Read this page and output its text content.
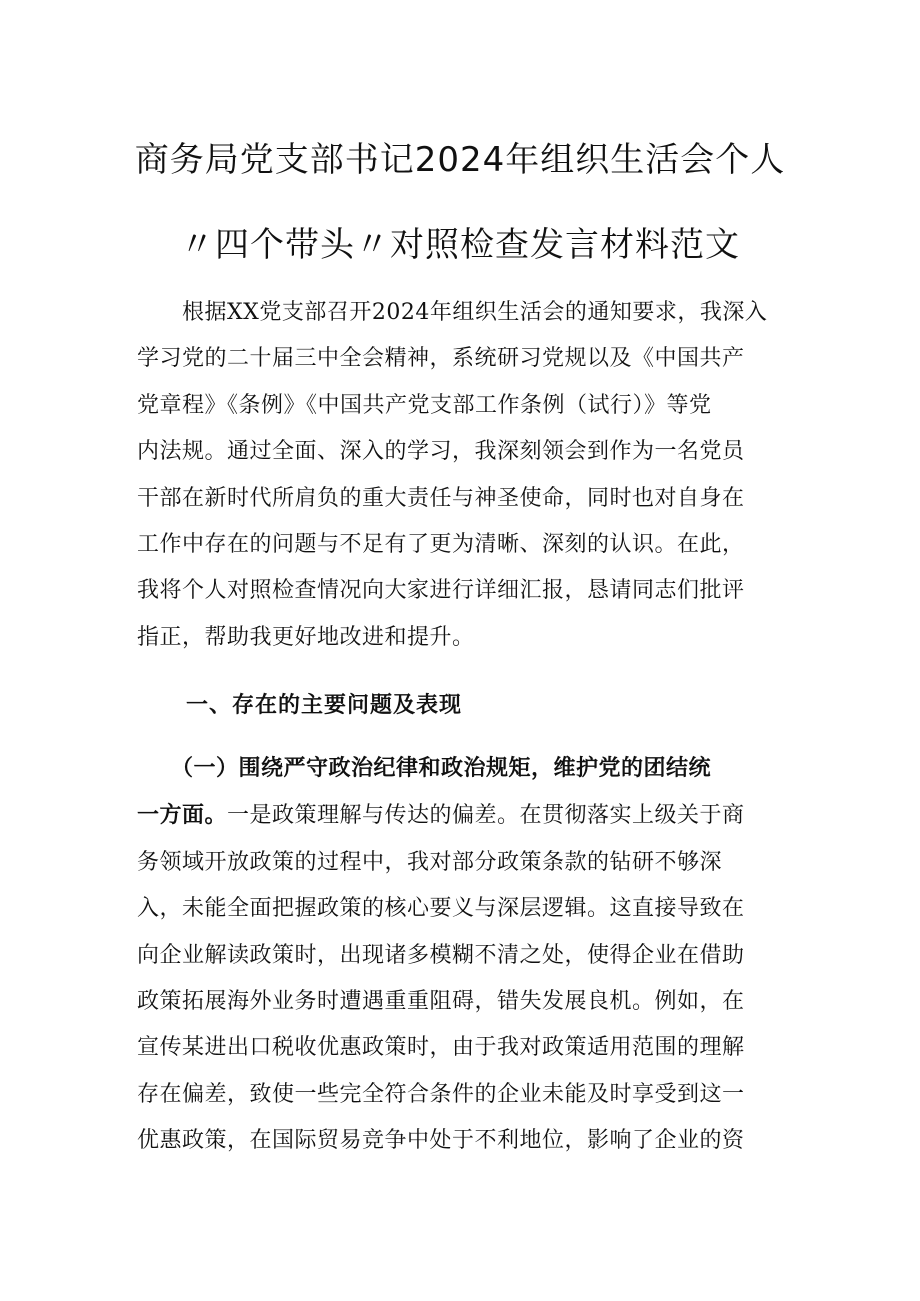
商务局党支部书记2024年组织生活会个人
〃四个带头〃对照检查发言材料范文
　　根据XX党支部召开2024年组织生活会的通知要求，我深入
学习党的二十届三中全会精神，系统研习党规以及《中国共产
党章程》《条例》《中国共产党支部工作条例（试行）》等党
内法规。通过全面、深入的学习，我深刻领会到作为一名党员
干部在新时代所肩负的重大责任与神圣使命，同时也对自身在
工作中存在的问题与不足有了更为清晰、深刻的认识。在此，
我将个人对照检查情况向大家进行详细汇报，恳请同志们批评
指正，帮助我更好地改进和提升。
一、存在的主要问题及表现
　　（一）围绕严守政治纪律和政治规矩，维护党的团结统
一方面。一是政策理解与传达的偏差。在贯彻落实上级关于商
务领域开放政策的过程中，我对部分政策条款的钻研不够深
入，未能全面把握政策的核心要义与深层逻辑。这直接导致在
向企业解读政策时，出现诸多模糊不清之处，使得企业在借助
政策拓展海外业务时遭遇重重阻碍，错失发展良机。例如，在
宣传某进出口税收优惠政策时，由于我对政策适用范围的理解
存在偏差，致使一些完全符合条件的企业未能及时享受到这一
优惠政策，在国际贸易竞争中处于不利地位，影响了企业的资
